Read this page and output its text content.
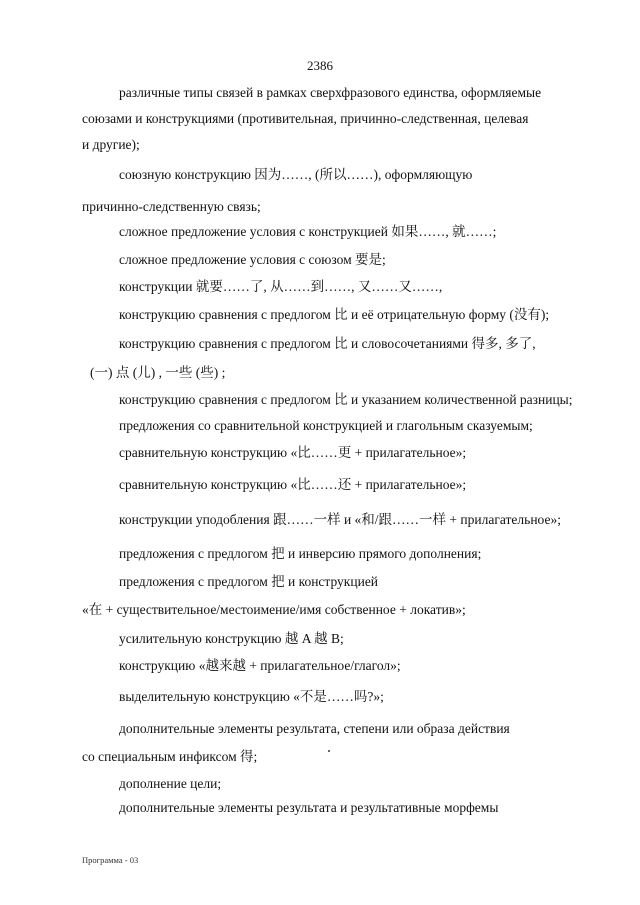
2386
различные типы связей в рамках сверхфразового единства, оформляемые
союзами и конструкциями (противительная, причинно-следственная, целевая
и другие);
союзную конструкцию 因为……, (所以……), оформляющую
причинно-следственную связь;
сложное предложение условия с конструкцией 如果……, 就……;
сложное предложение условия с союзом 要是;
конструкции 就要……了, 从……到……, 又……又……,
конструкцию сравнения с предлогом 比 и её отрицательную форму (没有);
конструкцию сравнения с предлогом 比 и словосочетаниями 得多, 多了,
(一) 点 (儿) , 一些 (些) ;
конструкцию сравнения с предлогом 比 и указанием количественной разницы;
предложения со сравнительной конструкцией и глагольным сказуемым;
сравнительную конструкцию «比……更 + прилагательное»;
сравнительную конструкцию «比……还 + прилагательное»;
конструкции уподобления 跟……一样 и «和/跟……一样 + прилагательное»;
предложения с предлогом 把 и инверсию прямого дополнения;
предложения с предлогом 把 и конструкцией
«在 + существительное/местоимение/имя собственное + локатив»;
усилительную конструкцию 越 A 越 B;
конструкцию «越来越 + прилагательное/глагол»;
выделительную конструкцию «不是……吗?»;
дополнительные элементы результата, степени или образа действия
со специальным инфиксом 得;
дополнение цели;
дополнительные элементы результата и результативные морфемы
Программа - 03
